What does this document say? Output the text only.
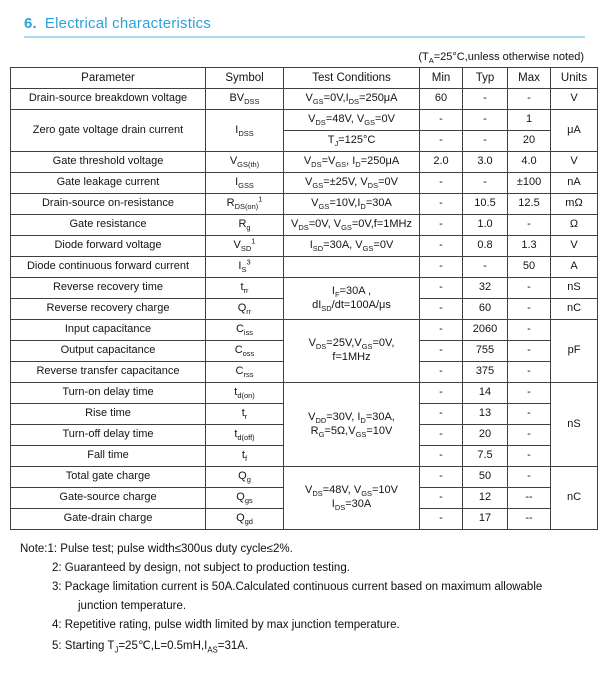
6. Electrical characteristics
($T_A=25^\circ C,unless$ otherwise noted)
Parameter	Symbol	Test Conditions	Min	Typ	Max	Units
Drain-source breakdown voltage	$BV_{DSS}$	$V_{GS}=0V,I_{DS}=250\mu A$	60	-	-	V
Zero gate voltage drain current	$I_{DSS}$	$V_{DS}=48V$, $V_{GS}=0V$	-	-	1	μA
		$T_J=125^\circ C$	-	-	20	
Gate threshold voltage	$V_{GS(th)}$	$V_{DS}=V_{GS}$, $I_D=250\mu A$	2.0	3.0	4.0	V
Gate leakage current	$I_{GSS}$	$V_{GS}=\pm 25V$, $V_{DS}=0V$	-	-	±100	nA
Drain-source on-resistance	$R_{DS(on)}^1$	$V_{GS}=10V,I_D=30A$	-	10.5	12.5	mΩ
Gate resistance	$R_g$	$V_{DS}=0V$, $V_{GS}=0V,f=1MHz$	-	1.0	-	Ω
Diode forward voltage	$V_{SD}^1$	$I_{SD}=30A$, $V_{GS}=0V$	-	0.8	1.3	V
Diode continuous forward current	$I_S^3$		-	-	50	A
Reverse recovery time	$t_{rr}$	$I_F=30A$ ,
$dI_{SD}/dt=100A/\mu s$	-	32	-	nS
Reverse recovery charge	$Q_{rr}$		-	60	-	nC
Input capacitance	$C_{iss}$	$V_{DS}=25V,V_{GS}=0V$,
f=1MHz	-	2060	-	pF
Output capacitance	$C_{oss}$		-	755	-	
Reverse transfer capacitance	$C_{rss}$		-	375	-	
Turn-on delay time	$t_{d(on)}$	$V_{DD}=30V$, $I_D=30A$,
$R_G=5\Omega,V_{GS}=10V$	-	14	-	nS
Rise time	$t_r$		-	13	-	
Turn-off delay time	$t_{d(off)}$		-	20	-	
Fall time	$t_f$		-	7.5	-	
Total gate charge	$Q_g$	$V_{DS}=48V$, $V_{GS}=10V$
$I_{DS}=30A$	-	50	-	nC
Gate-source charge	$Q_{gs}$		-	12	--	
Gate-drain charge	$Q_{gd}$		-	17	--	
Note:1: Pulse test; pulse width≤300us duty cycle≤2%.
2: Guaranteed by design, not subject to production testing.
3: Package limitation current is 50A.Calculated continuous current based on maximum allowable
junction temperature.
4: Repetitive rating, pulse width limited by max junction temperature.
5: Starting $T_J=25℃,L=0.5mH,I_{AS}=31A$.
